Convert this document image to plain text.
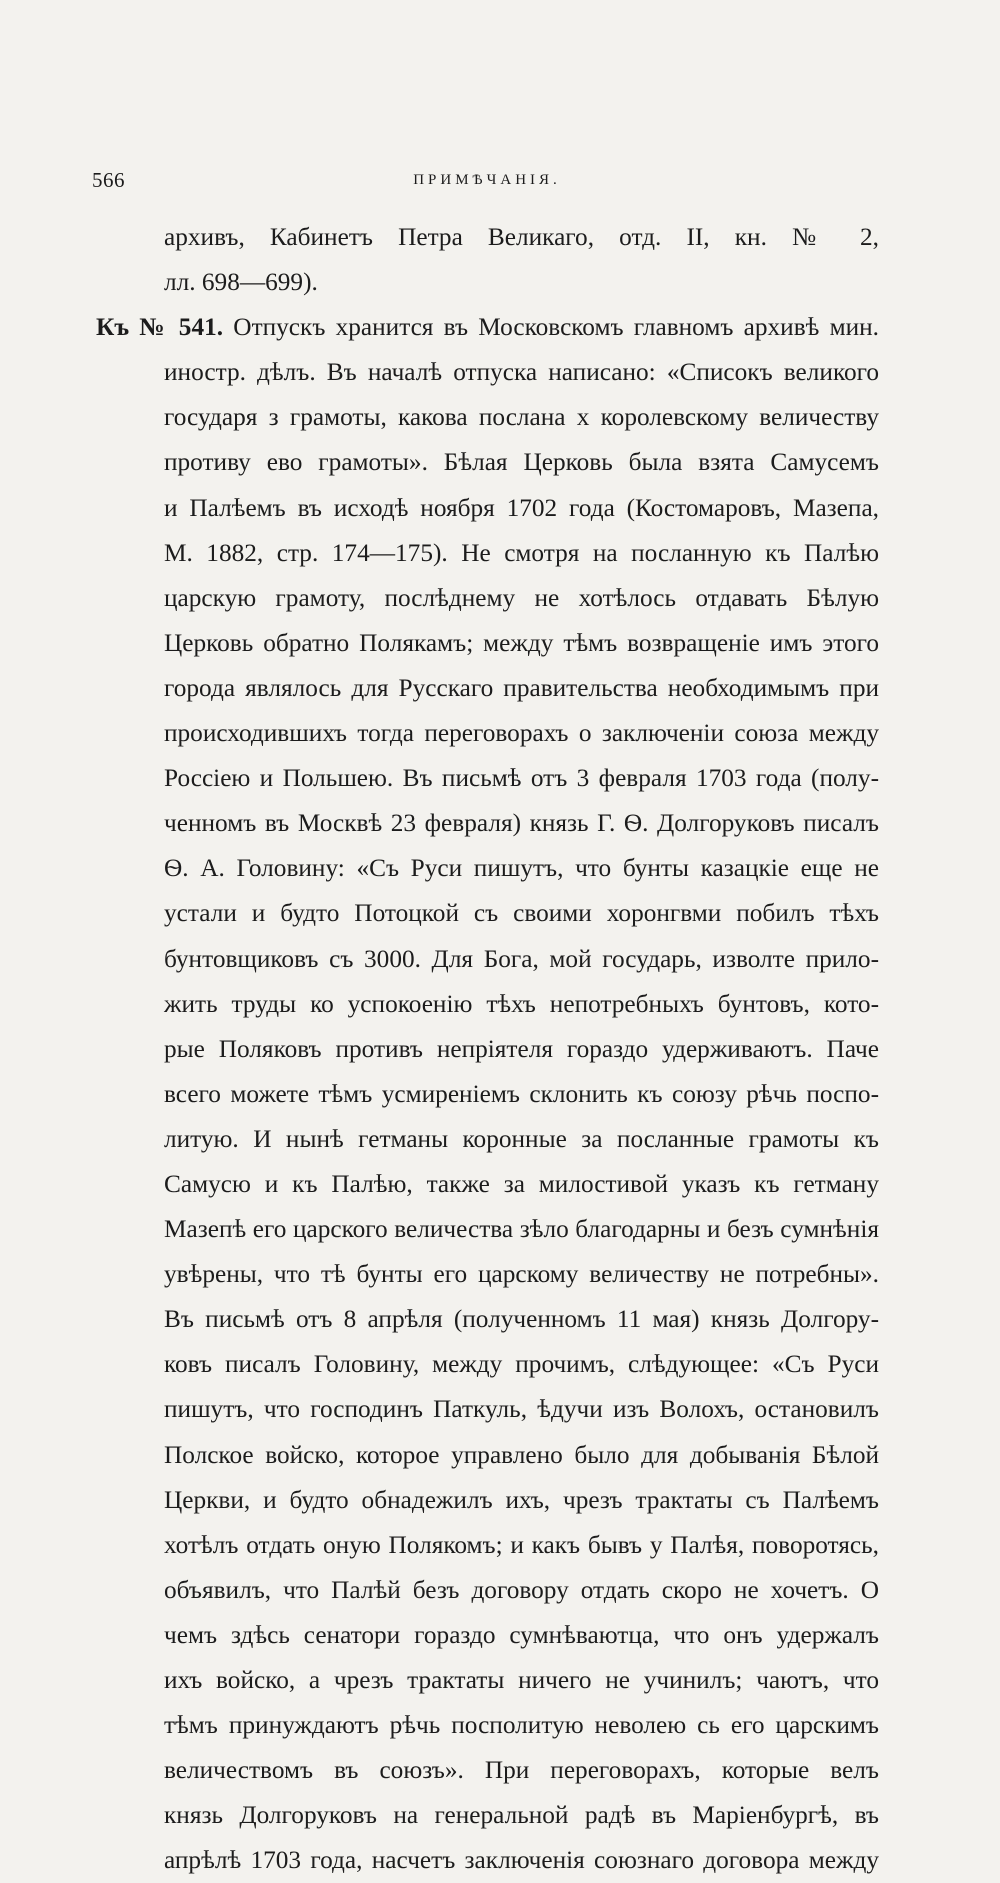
566	ПРИМѢЧАНІЯ.
архивъ, Кабинетъ Петра Великаго, отд. II, кн. № 2,
лл. 698—699).
Къ № 541. Отпускъ хранится въ Московскомъ главномъ архивѣ мин.
иностр. дѣлъ. Въ началѣ отпуска написано: «Списокъ великого
государя з грамоты, какова послана х королевскому величеству
противу ево грамоты». Бѣлая Церковь была взята Самусемъ
и Палѣемъ въ исходѣ ноября 1702 года (Костомаровъ, Мазепа,
М. 1882, стр. 174—175). Не смотря на посланную къ Палѣю
царскую грамоту, послѣднему не хотѣлось отдавать Бѣлую
Церковь обратно Полякамъ; между тѣмъ возвращеніе имъ этого
города являлось для Русскаго правительства необходимымъ при
происходившихъ тогда переговорахъ о заключеніи союза между
Россіею и Польшею. Въ письмѣ отъ 3 февраля 1703 года (полу-
ченномъ въ Москвѣ 23 февраля) князь Г. Ѳ. Долгоруковъ писалъ
Ѳ. А. Головину: «Съ Руси пишутъ, что бунты казацкіе еще не
устали и будто Потоцкой съ своими хоронгвми побилъ тѣхъ
бунтовщиковъ съ 3000. Для Бога, мой государь, изволте прило-
жить труды ко успокоенію тѣхъ непотребныхъ бунтовъ, кото-
рые Поляковъ противъ непріятеля гораздо удерживаютъ. Паче
всего можете тѣмъ усмиреніемъ склонить къ союзу рѣчь поспо-
литую. И нынѣ гетманы коронные за посланные грамоты къ
Самусю и къ Палѣю, также за милостивой указъ къ гетману
Мазепѣ его царского величества зѣло благодарны и безъ сумнѣнія
увѣрены, что тѣ бунты его царскому величеству не потребны».
Въ письмѣ отъ 8 апрѣля (полученномъ 11 мая) князь Долгору-
ковъ писалъ Головину, между прочимъ, слѣдующее: «Съ Руси
пишутъ, что господинъ Паткуль, ѣдучи изъ Волохъ, остановилъ
Полское войско, которое управлено было для добыванія Бѣлой
Церкви, и будто обнадежилъ ихъ, чрезъ трактаты съ Палѣемъ
хотѣлъ отдать оную Полякомъ; и какъ бывъ у Палѣя, поворотясь,
объявилъ, что Палѣй безъ договору отдать скоро не хочетъ. О
чемъ здѣсь сенатори гораздо сумнѣваютца, что онъ удержалъ
ихъ войско, а чрезъ трактаты ничего не учинилъ; чаютъ, что
тѣмъ принуждаютъ рѣчь посполитую неволею сь его царскимъ
величествомъ въ союзъ». При переговорахъ, которые велъ
князь Долгоруковъ на генеральной радѣ въ Маріенбургѣ, въ
апрѣлѣ 1703 года, насчетъ заключенія союзнаго договора между
